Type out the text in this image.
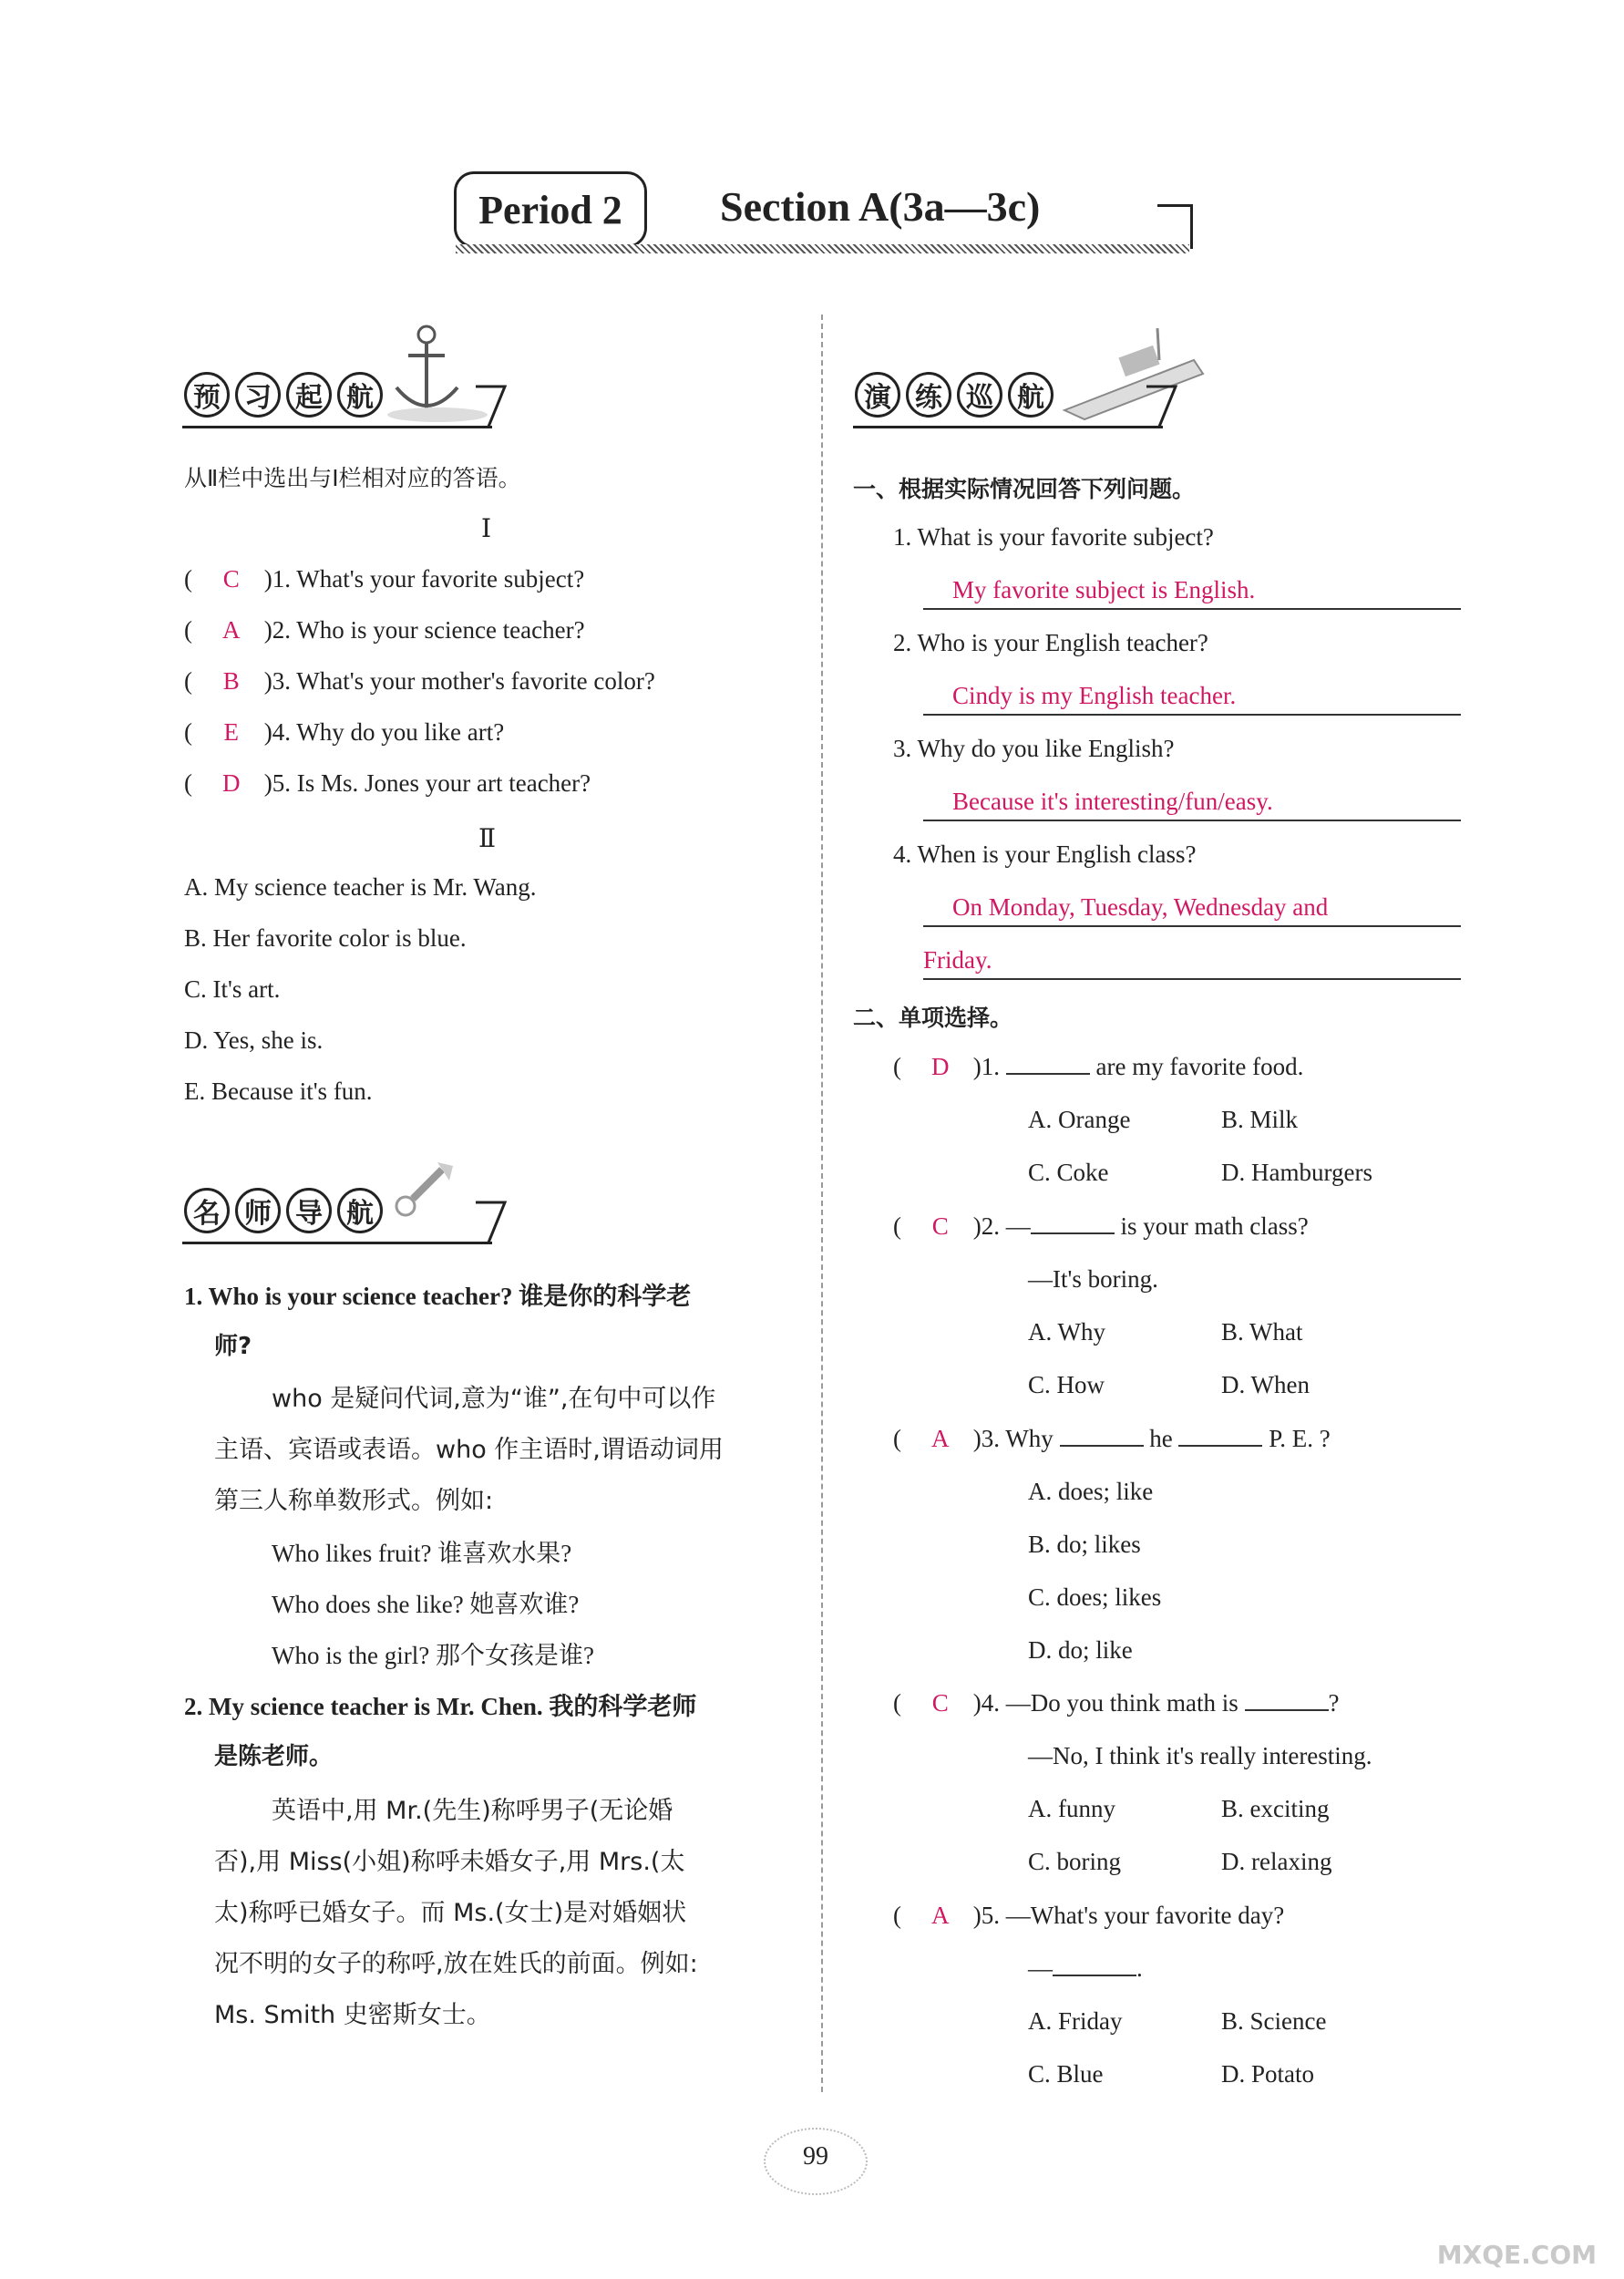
Period 2	Section A(3a—3c)
预 习 起 航
从Ⅱ栏中选出与Ⅰ栏相对应的答语。
Ⅰ
( C )1. What's your favorite subject?
( A )2. Who is your science teacher?
( B )3. What's your mother's favorite color?
( E )4. Why do you like art?
( D )5. Is Ms. Jones your art teacher?
Ⅱ
A. My science teacher is Mr. Wang.
B. Her favorite color is blue.
C. It's art.
D. Yes, she is.
E. Because it's fun.
名 师 导 航
1. Who is your science teacher? 谁是你的科学老
师?
who 是疑问代词,意为“谁”,在句中可以作
主语、宾语或表语。who 作主语时,谓语动词用
第三人称单数形式。例如:
Who likes fruit? 谁喜欢水果?
Who does she like? 她喜欢谁?
Who is the girl? 那个女孩是谁?
2. My science teacher is Mr. Chen. 我的科学老师
是陈老师。
英语中,用 Mr.(先生)称呼男子(无论婚
否),用 Miss(小姐)称呼未婚女子,用 Mrs.(太
太)称呼已婚女子。而 Ms.(女士)是对婚姻状
况不明的女子的称呼,放在姓氏的前面。例如:
Ms. Smith 史密斯女士。
演 练 巡 航
一、根据实际情况回答下列问题。
1. What is your favorite subject?
My favorite subject is English.
2. Who is your English teacher?
Cindy is my English teacher.
3. Why do you like English?
Because it's interesting/fun/easy.
4. When is your English class?
On Monday, Tuesday, Wednesday and
Friday.
二、单项选择。
( D )1.	are my favorite food.
A. Orange	B. Milk
C. Coke	D. Hamburgers
( C )2. —	is your math class?
—It's boring.
A. Why	B. What
C. How	D. When
( A )3. Why	he	P. E. ?
A. does; like
B. do; likes
C. does; likes
D. do; like
( C )4. —Do you think math is	?
—No, I think it's really interesting.
A. funny	B. exciting
C. boring	D. relaxing
( A )5. —What's your favorite day?
—	.
A. Friday	B. Science
C. Blue	D. Potato
99
MXQE.COM
